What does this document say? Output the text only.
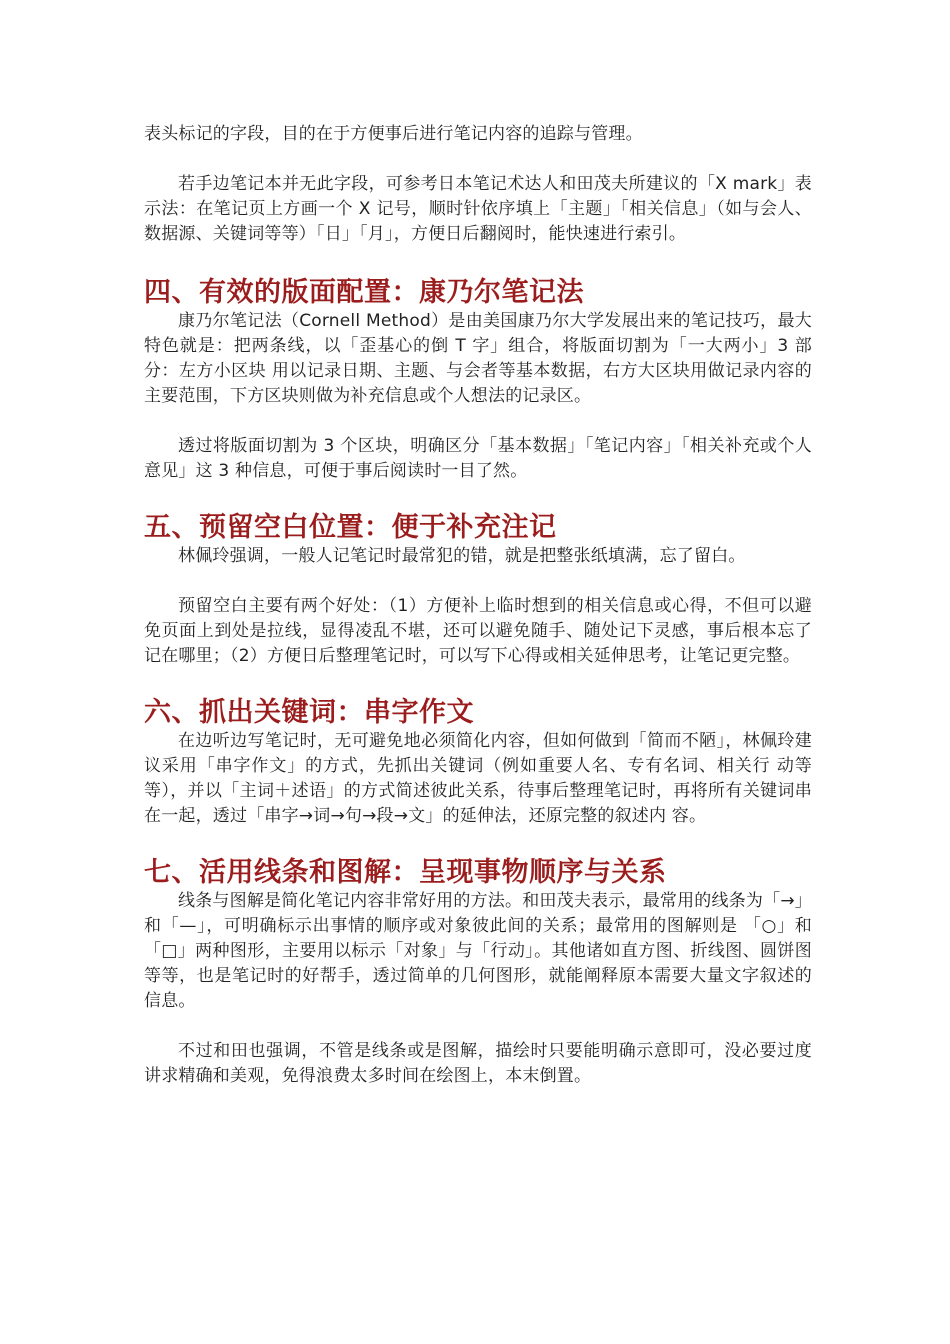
表头标记的字段，目的在于方便事后进行笔记内容的追踪与管理。

若手边笔记本并无此字段，可参考日本笔记术达人和田茂夫所建议的「X mark」表示法：在笔记页上方画一个 X 记号，顺时针依序填上「主题」「相关信息」（如与会人、数据源、关键词等等）「日」「月」，方便日后翻阅时，能快速进行索引。

四、有效的版面配置：康乃尔笔记法

康乃尔笔记法（Cornell Method）是由美国康乃尔大学发展出来的笔记技巧，最大特色就是：把两条线，以「歪基心的倒 T 字」组合，将版面切割为「一大两小」3 部分：左方小区块 用以记录日期、主题、与会者等基本数据，右方大区块用做记录内容的主要范围，下方区块则做为补充信息或个人想法的记录区。

透过将版面切割为 3 个区块，明确区分「基本数据」「笔记内容」「相关补充或个人意见」这 3 种信息，可便于事后阅读时一目了然。

五、预留空白位置：便于补充注记

林佩玲强调，一般人记笔记时最常犯的错，就是把整张纸填满，忘了留白。

预留空白主要有两个好处：（1）方便补上临时想到的相关信息或心得，不但可以避免页面上到处是拉线，显得凌乱不堪，还可以避免随手、随处记下灵感，事后根本忘了记在哪里；（2）方便日后整理笔记时，可以写下心得或相关延伸思考，让笔记更完整。

六、抓出关键词：串字作文

在边听边写笔记时，无可避免地必须简化内容，但如何做到「简而不陋」，林佩玲建议采用「串字作文」的方式，先抓出关键词（例如重要人名、专有名词、相关行 动等等），并以「主词＋述语」的方式简述彼此关系，待事后整理笔记时，再将所有关键词串在一起，透过「串字→词→句→段→文」的延伸法，还原完整的叙述内 容。

七、活用线条和图解：呈现事物顺序与关系

线条与图解是简化笔记内容非常好用的方法。和田茂夫表示，最常用的线条为「→」和「—」，可明确标示出事情的顺序或对象彼此间的关系；最常用的图解则是 「○」和「□」两种图形，主要用以标示「对象」与「行动」。其他诸如直方图、折线图、圆饼图等等，也是笔记时的好帮手，透过简单的几何图形，就能阐释原本需要大量文字叙述的信息。

不过和田也强调，不管是线条或是图解，描绘时只要能明确示意即可，没必要过度讲求精确和美观，免得浪费太多时间在绘图上，本末倒置。
